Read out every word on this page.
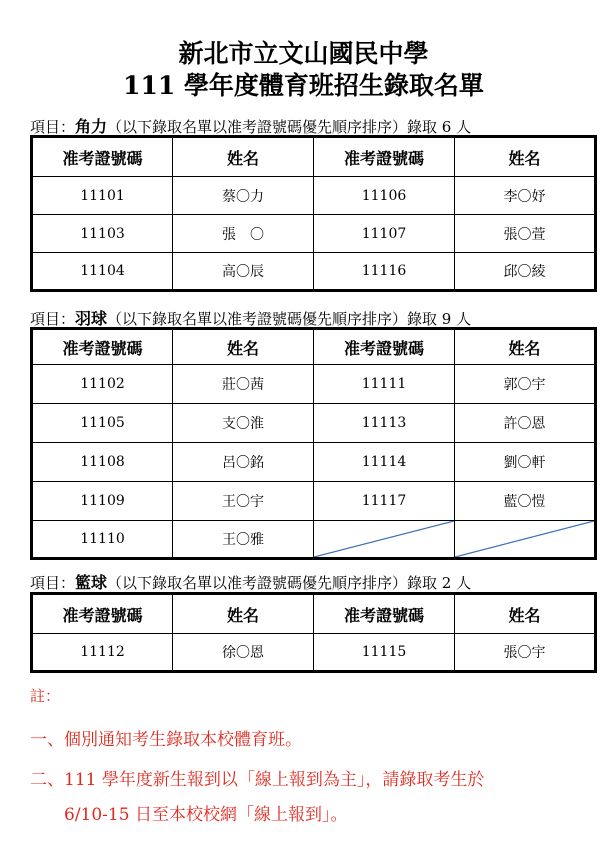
新北市立文山國民中學
111 學年度體育班招生錄取名單
項目：角力（以下錄取名單以准考證號碼優先順序排序）錄取 6 人
准考證號碼	姓名	准考證號碼	姓名
11101	蔡〇力	11106	李〇妤
11103	張　〇	11107	張〇萱
11104	高〇辰	11116	邱〇綾
項目：羽球（以下錄取名單以准考證號碼優先順序排序）錄取 9 人
准考證號碼	姓名	准考證號碼	姓名
11102	莊〇茜	11111	郭〇宇
11105	支〇淮	11113	許〇恩
11108	呂〇銘	11114	劉〇軒
11109	王〇宇	11117	藍〇愷
11110	王〇雅	

項目：籃球（以下錄取名單以准考證號碼優先順序排序）錄取 2 人
准考證號碼	姓名	准考證號碼	姓名
11112	徐〇恩	11115	張〇宇
註：
一、個別通知考生錄取本校體育班。
二、111 學年度新生報到以「線上報到為主」，請錄取考生於
6/10-15 日至本校校網「線上報到」。
